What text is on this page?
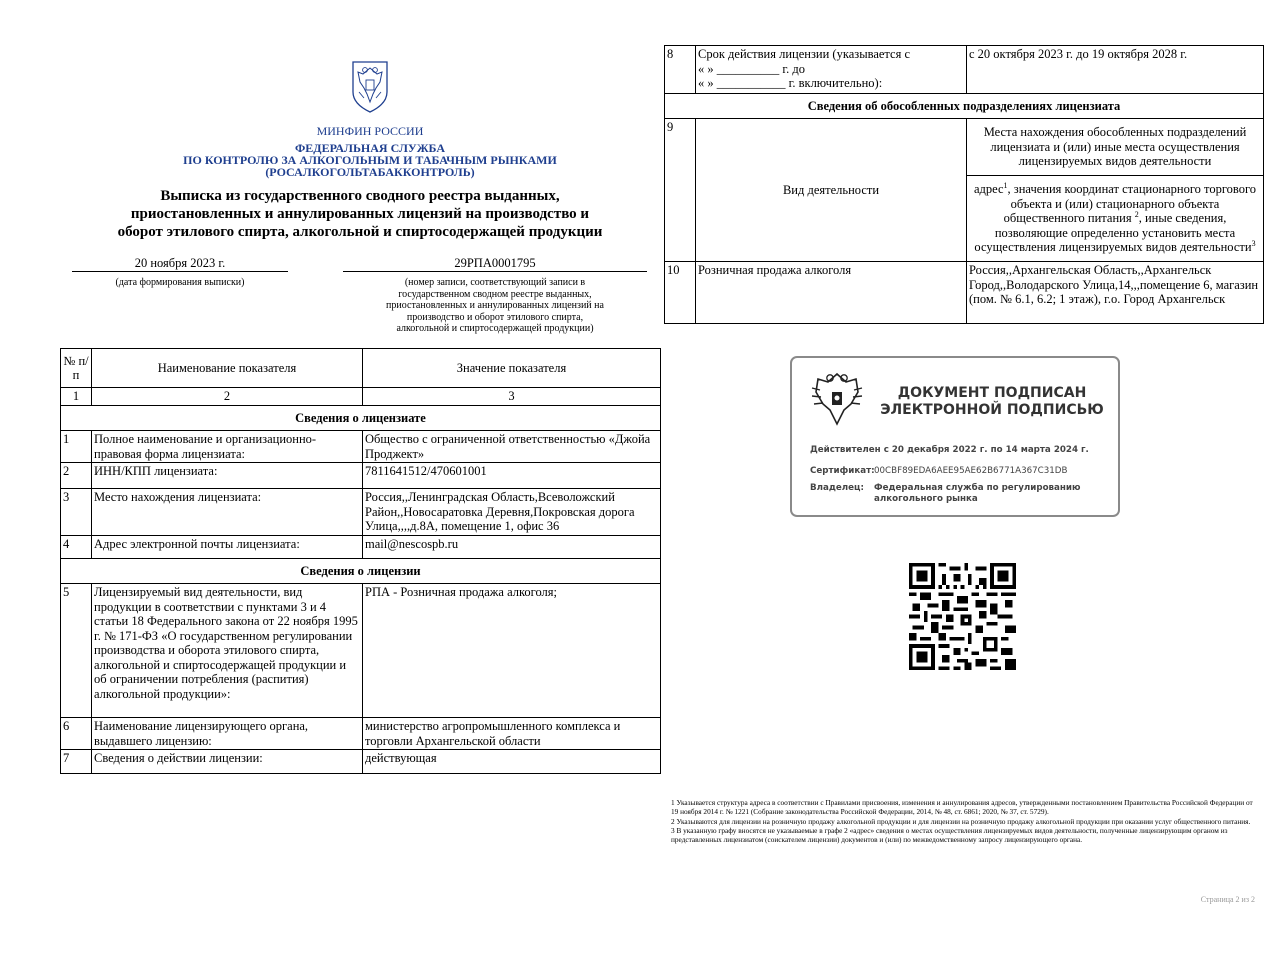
МИНФИН РОССИИ
ФЕДЕРАЛЬНАЯ СЛУЖБА
ПО КОНТРОЛЮ ЗА АЛКОГОЛЬНЫМ И ТАБАЧНЫМ РЫНКАМИ
(РОСАЛКОГОЛЬТАБАККОНТРОЛЬ)
Выписка из государственного сводного реестра выданных,
приостановленных и аннулированных лицензий на производство и
оборот этилового спирта, алкогольной и спиртосодержащей продукции
20 ноября 2023 г.
(дата формирования выписки)
29РПА0001795
(номер записи, соответствующий записи в
государственном сводном реестре выданных,
приостановленных и аннулированных лицензий на
производство и оборот этилового спирта,
алкогольной и спиртосодержащей продукции)
№ п/п	Наименование показателя	Значение показателя
1	2	3
Сведения о лицензиате		
1	Полное наименование и организационно-правовая форма лицензиата:	Общество с ограниченной ответственностью «Джойа Проджект»
2	ИНН/КПП лицензиата:	7811641512/470601001
3	Место нахождения лицензиата:	Россия,,Ленинградская Область,Всеволожский Район,,Новосаратовка Деревня,Покровская дорога Улица,,,,д.8А, помещение 1, офис 36
4	Адрес электронной почты лицензиата:	mail@nescospb.ru
Сведения о лицензии		
5	Лицензируемый вид деятельности, вид продукции в соответствии с пунктами 3 и 4 статьи 18 Федерального закона от 22 ноября 1995 г. № 171-ФЗ «О государственном регулировании производства и оборота этилового спирта, алкогольной и спиртосодержащей продукции и об ограничении потребления (распития) алкогольной продукции»:	РПА - Розничная продажа алкоголя;
6	Наименование лицензирующего органа, выдавшего лицензию:	министерство агропромышленного комплекса и торговли Архангельской области
7	Сведения о действии лицензии:	действующая
8	Срок действия лицензии (указывается с
« » __________ г. до
« » ___________ г. включительно):	с 20 октября 2023 г. до 19 октября 2028 г.
Сведения об обособленных подразделениях лицензиата		
9	Вид деятельности	Места нахождения обособленных подразделений лицензиата и (или) иные места осуществления лицензируемых видов деятельности
		адрес$^1$, значения координат стационарного торгового объекта и (или) стационарного объекта общественного питания $^2$, иные сведения, позволяющие определенно установить места осуществления лицензируемых видов деятельности$^3$
10	Розничная продажа алкоголя	Россия,,Архангельская Область,,Архангельск Город,,Володарского Улица,14,,,помещение 6, магазин (пом. № 6.1, 6.2; 1 этаж), г.о. Город Архангельск
ДОКУМЕНТ ПОДПИСАН
ЭЛЕКТРОННОЙ ПОДПИСЬЮ
Действителен с 20 декабря 2022 г. по 14 марта 2024 г.
Сертификат: 00CBF89EDA6AEE95AE62B6771A367C31DB
Владелец: Федеральная служба по регулированию
алкогольного рынка
1 Указывается структура адреса в соответствии с Правилами присвоения, изменения и аннулирования адресов, утвержденными постановлением Правительства Российской Федерации от 19 ноября 2014 г. № 1221 (Собрание законодательства Российской Федерации, 2014, № 48, ст. 6861; 2020, № 37, ст. 5729).
2 Указываются для лицензии на розничную продажу алкогольной продукции и для лицензии на розничную продажу алкогольной продукции при оказании услуг общественного питания.
3 В указанную графу вносятся не указываемые в графе 2 «адрес» сведения о местах осуществления лицензируемых видов деятельности, полученные лицензирующим органом из представленных лицензиатом (соискателем лицензии) документов и (или) по межведомственному запросу лицензирующего органа.
Страница 2 из 2
